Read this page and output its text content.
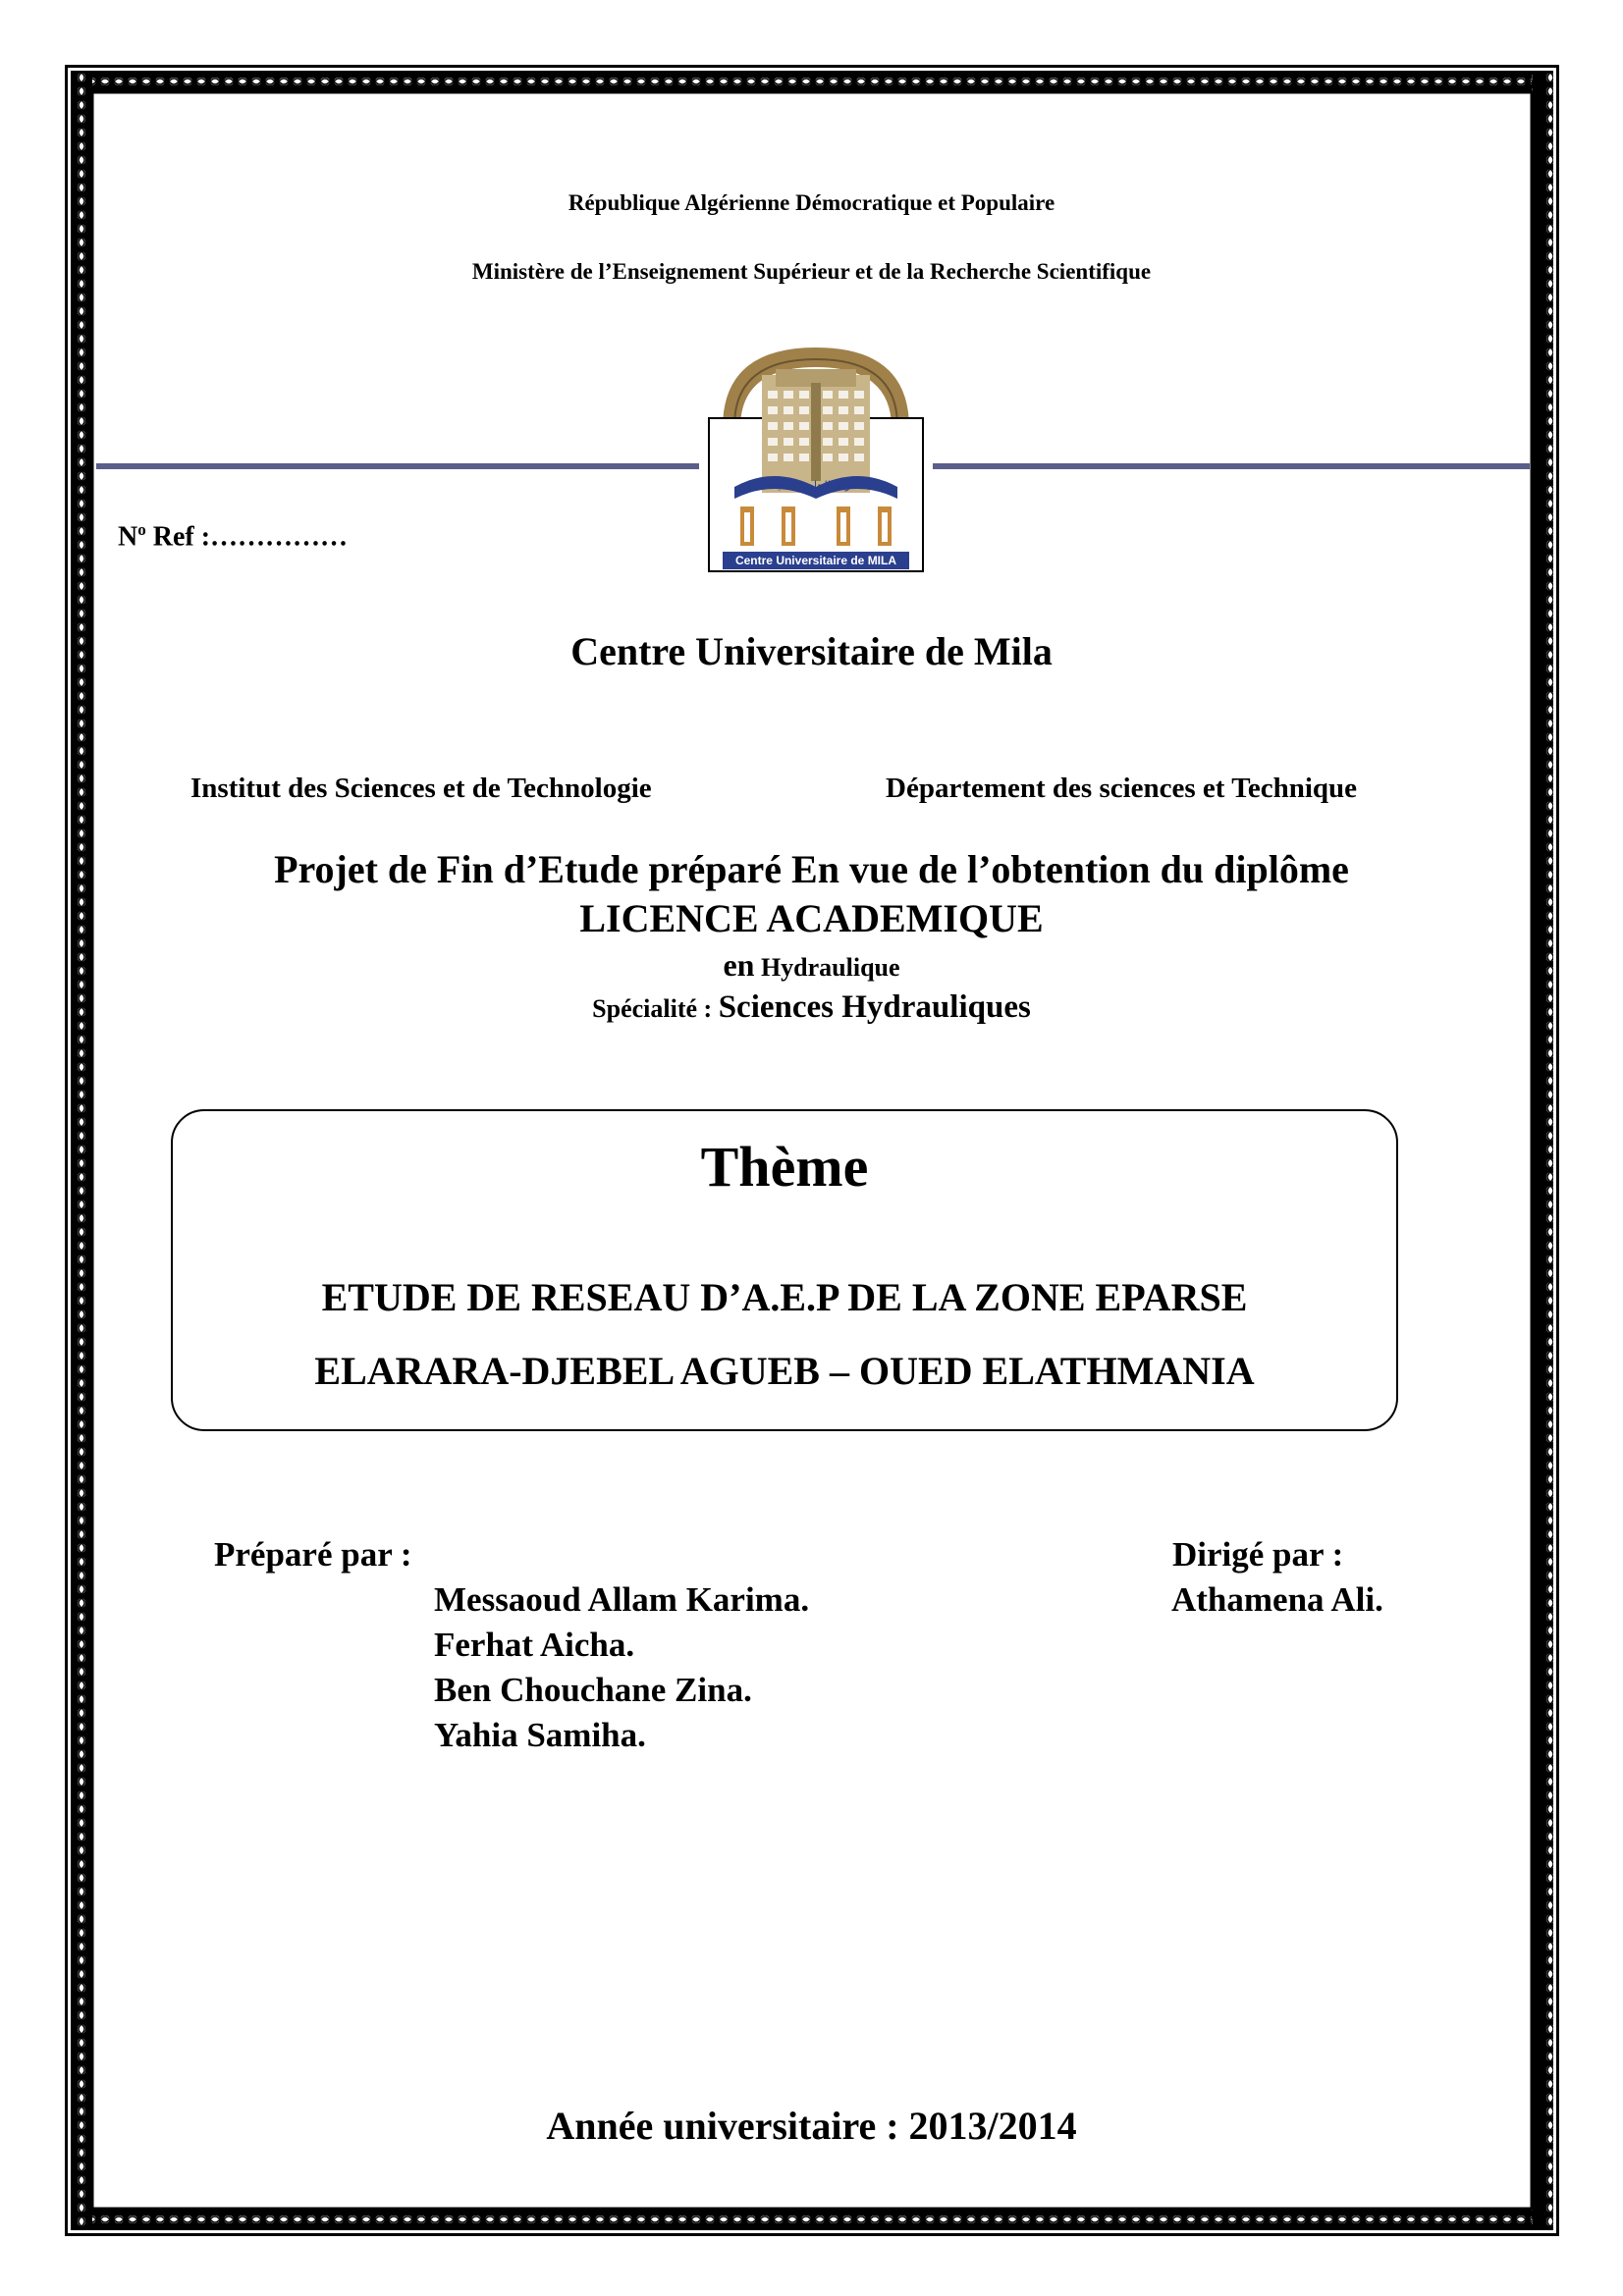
République Algérienne Démocratique et Populaire
Ministère de l’Enseignement Supérieur et de la Recherche Scientifique
المركز الجامعي لميلة
Centre Universitaire de MILA
$N^o$ Ref :……………
Centre Universitaire de Mila
Institut des Sciences et de Technologie	Département des sciences et Technique
Projet de Fin d’Etude préparé En vue de l’obtention du diplôme
LICENCE ACADEMIQUE
en Hydraulique
Spécialité : Sciences Hydrauliques
Thème
ETUDE DE RESEAU D’A.E.P DE LA ZONE EPARSE
ELARARA-DJEBEL AGUEB – OUED ELATHMANIA
Préparé par :
Messaoud Allam Karima.
Ferhat Aicha.
Ben Chouchane Zina.
Yahia Samiha.
Dirigé par :
Athamena Ali.
Année universitaire : 2013/2014
